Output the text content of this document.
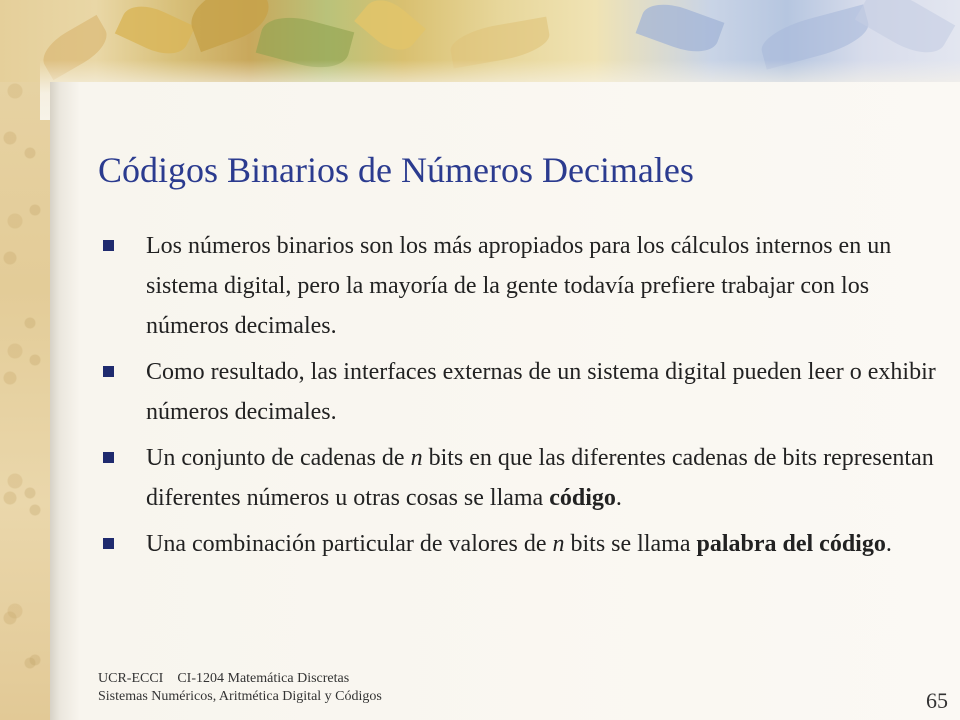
Códigos Binarios de Números Decimales
Los números binarios son los más apropiados para los cálculos internos en un sistema digital, pero la mayoría de la gente todavía prefiere trabajar con los números decimales.
Como resultado, las interfaces externas de un sistema digital pueden leer o exhibir números decimales.
Un conjunto de cadenas de n bits en que las diferentes cadenas de bits representan diferentes números u otras cosas se llama código.
Una combinación particular de valores de n bits se llama palabra del código.
UCR-ECCI CI-1204 Matemática Discretas
Sistemas Numéricos, Aritmética Digital y Códigos	65
